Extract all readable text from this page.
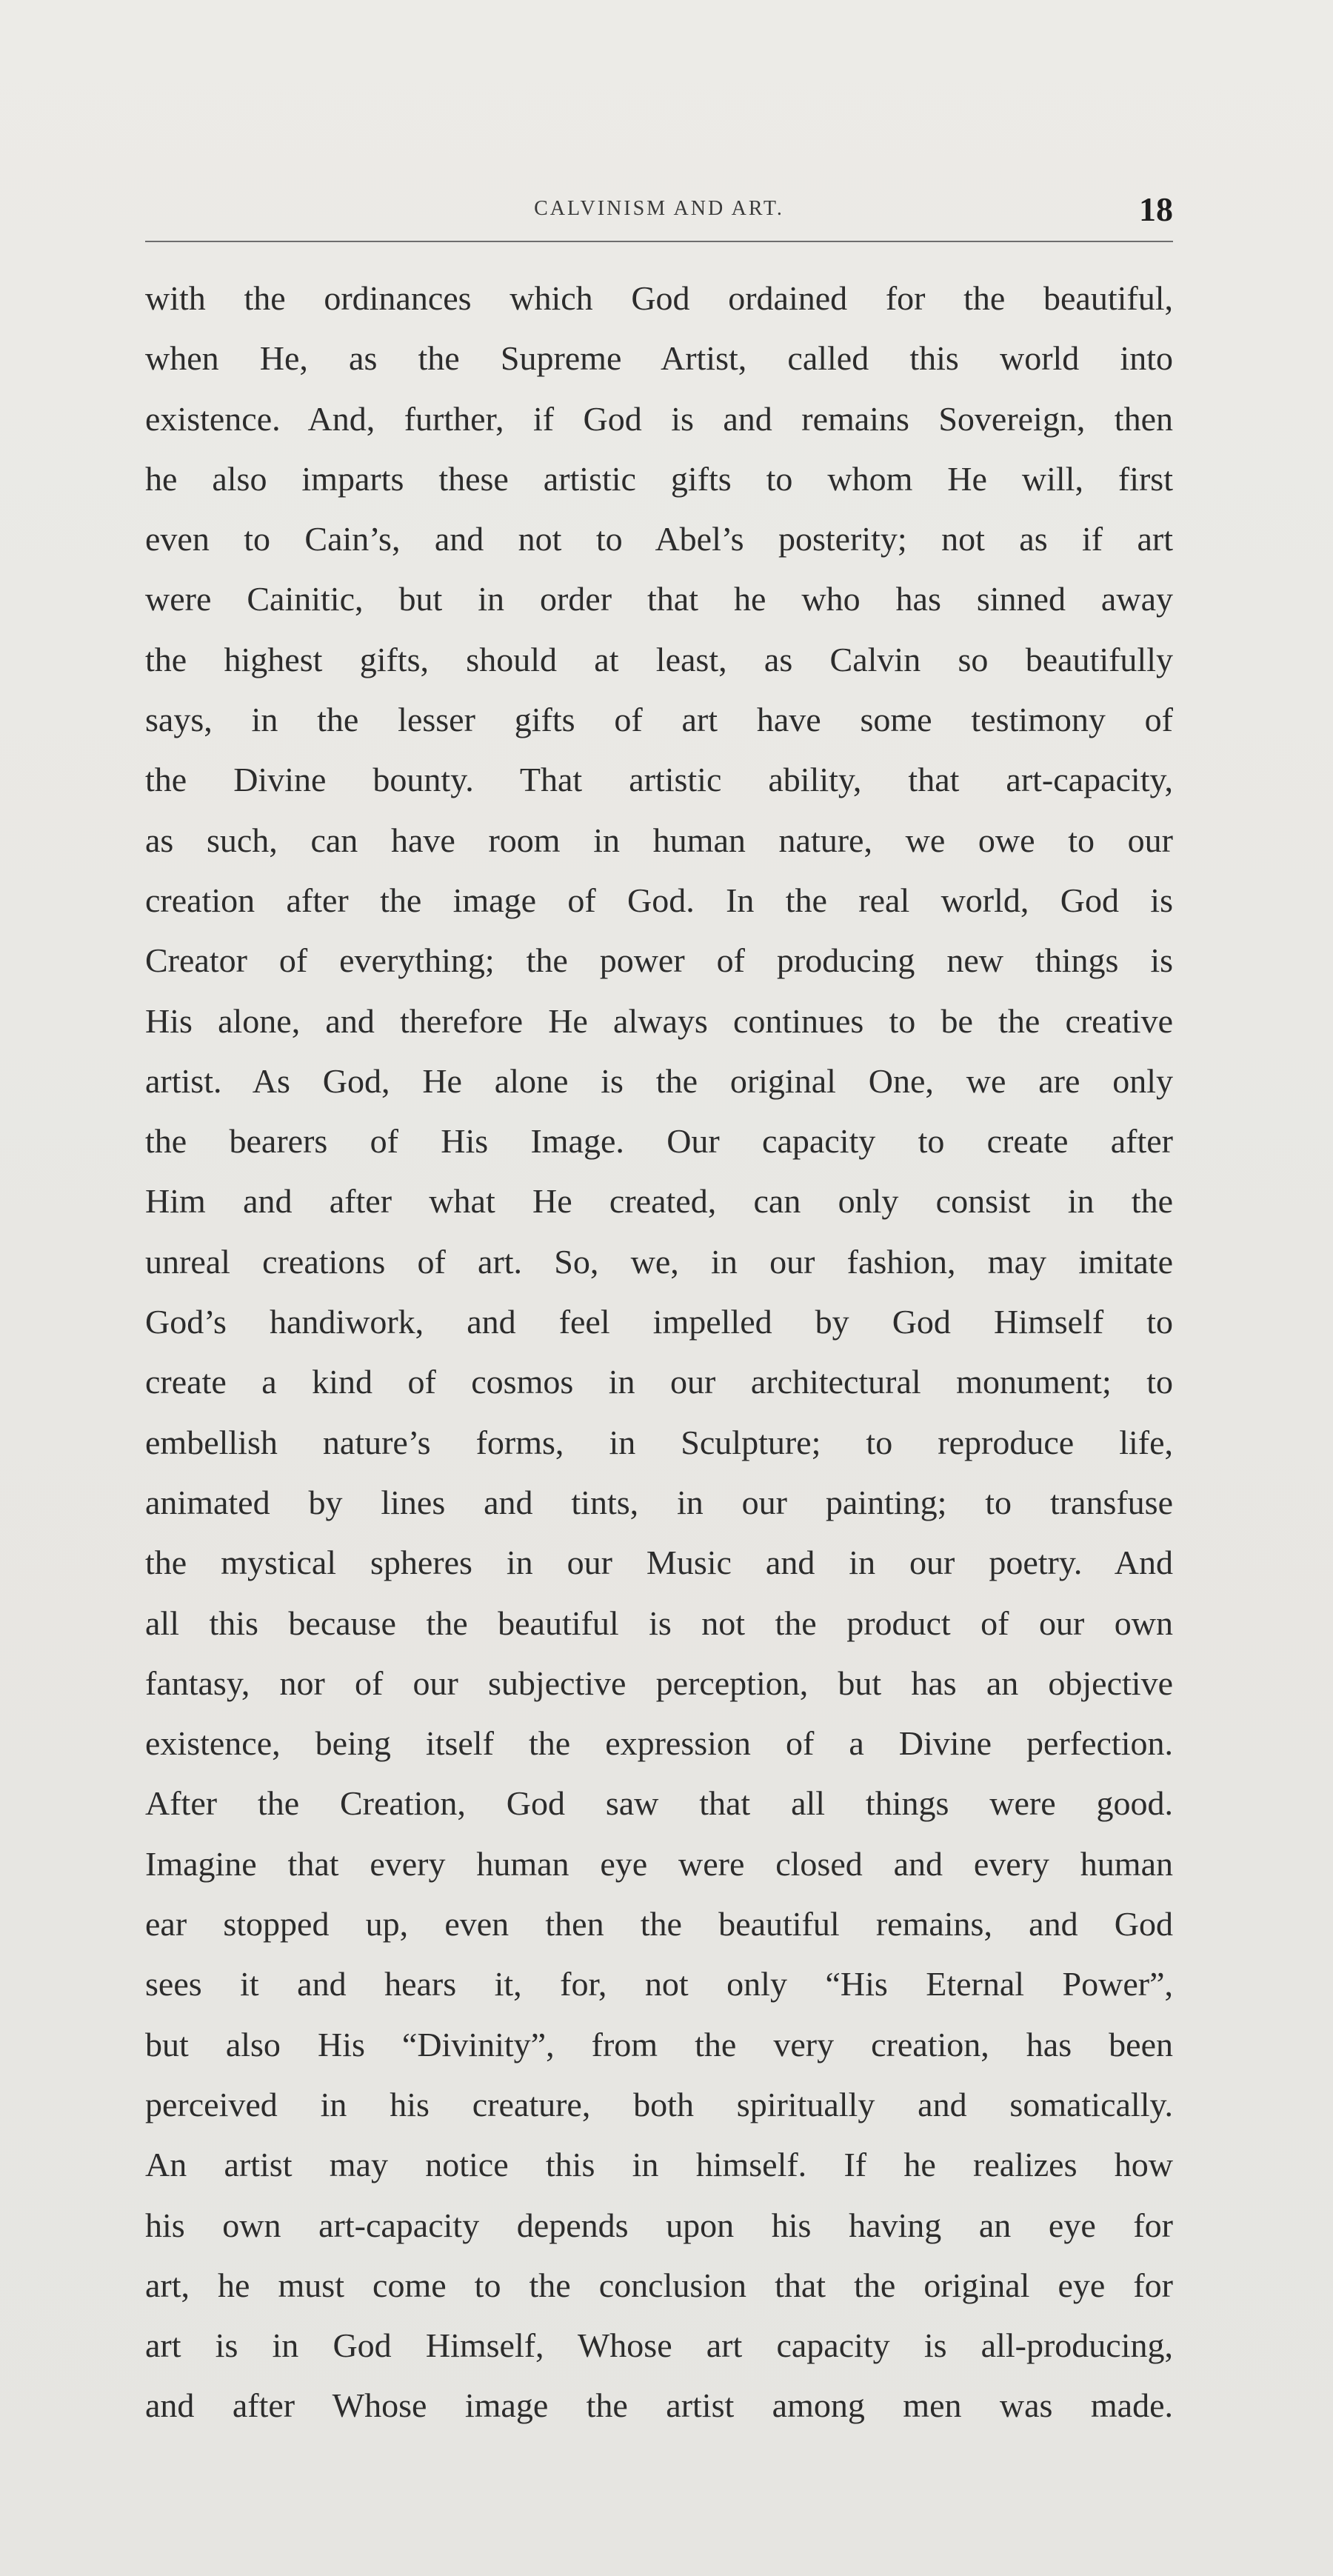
CALVINISM AND ART.	18
with the ordinances which God ordained for the beautiful,
when He, as the Supreme Artist, called this world into
existence. And, further, if God is and remains Sovereign, then
he also imparts these artistic gifts to whom He will, first
even to Cain’s, and not to Abel’s posterity; not as if art
were Cainitic, but in order that he who has sinned away
the highest gifts, should at least, as Calvin so beautifully
says, in the lesser gifts of art have some testimony of
the Divine bounty. That artistic ability, that art-capacity,
as such, can have room in human nature, we owe to our
creation after the image of God. In the real world, God is
Creator of everything; the power of producing new things is
His alone, and therefore He always continues to be the creative
artist. As God, He alone is the original One, we are only
the bearers of His Image. Our capacity to create after
Him and after what He created, can only consist in the
unreal creations of art. So, we, in our fashion, may imitate
God’s handiwork, and feel impelled by God Himself to
create a kind of cosmos in our architectural monument; to
embellish nature’s forms, in Sculpture; to reproduce life,
animated by lines and tints, in our painting; to transfuse
the mystical spheres in our Music and in our poetry. And
all this because the beautiful is not the product of our own
fantasy, nor of our subjective perception, but has an objective
existence, being itself the expression of a Divine perfection.
After the Creation, God saw that all things were good.
Imagine that every human eye were closed and every human
ear stopped up, even then the beautiful remains, and God
sees it and hears it, for, not only “His Eternal Power”,
but also His “Divinity”, from the very creation, has been
perceived in his creature, both spiritually and somatically.
An artist may notice this in himself. If he realizes how
his own art-capacity depends upon his having an eye for
art, he must come to the conclusion that the original eye for
art is in God Himself, Whose art capacity is all-producing,
and after Whose image the artist among men was made.
